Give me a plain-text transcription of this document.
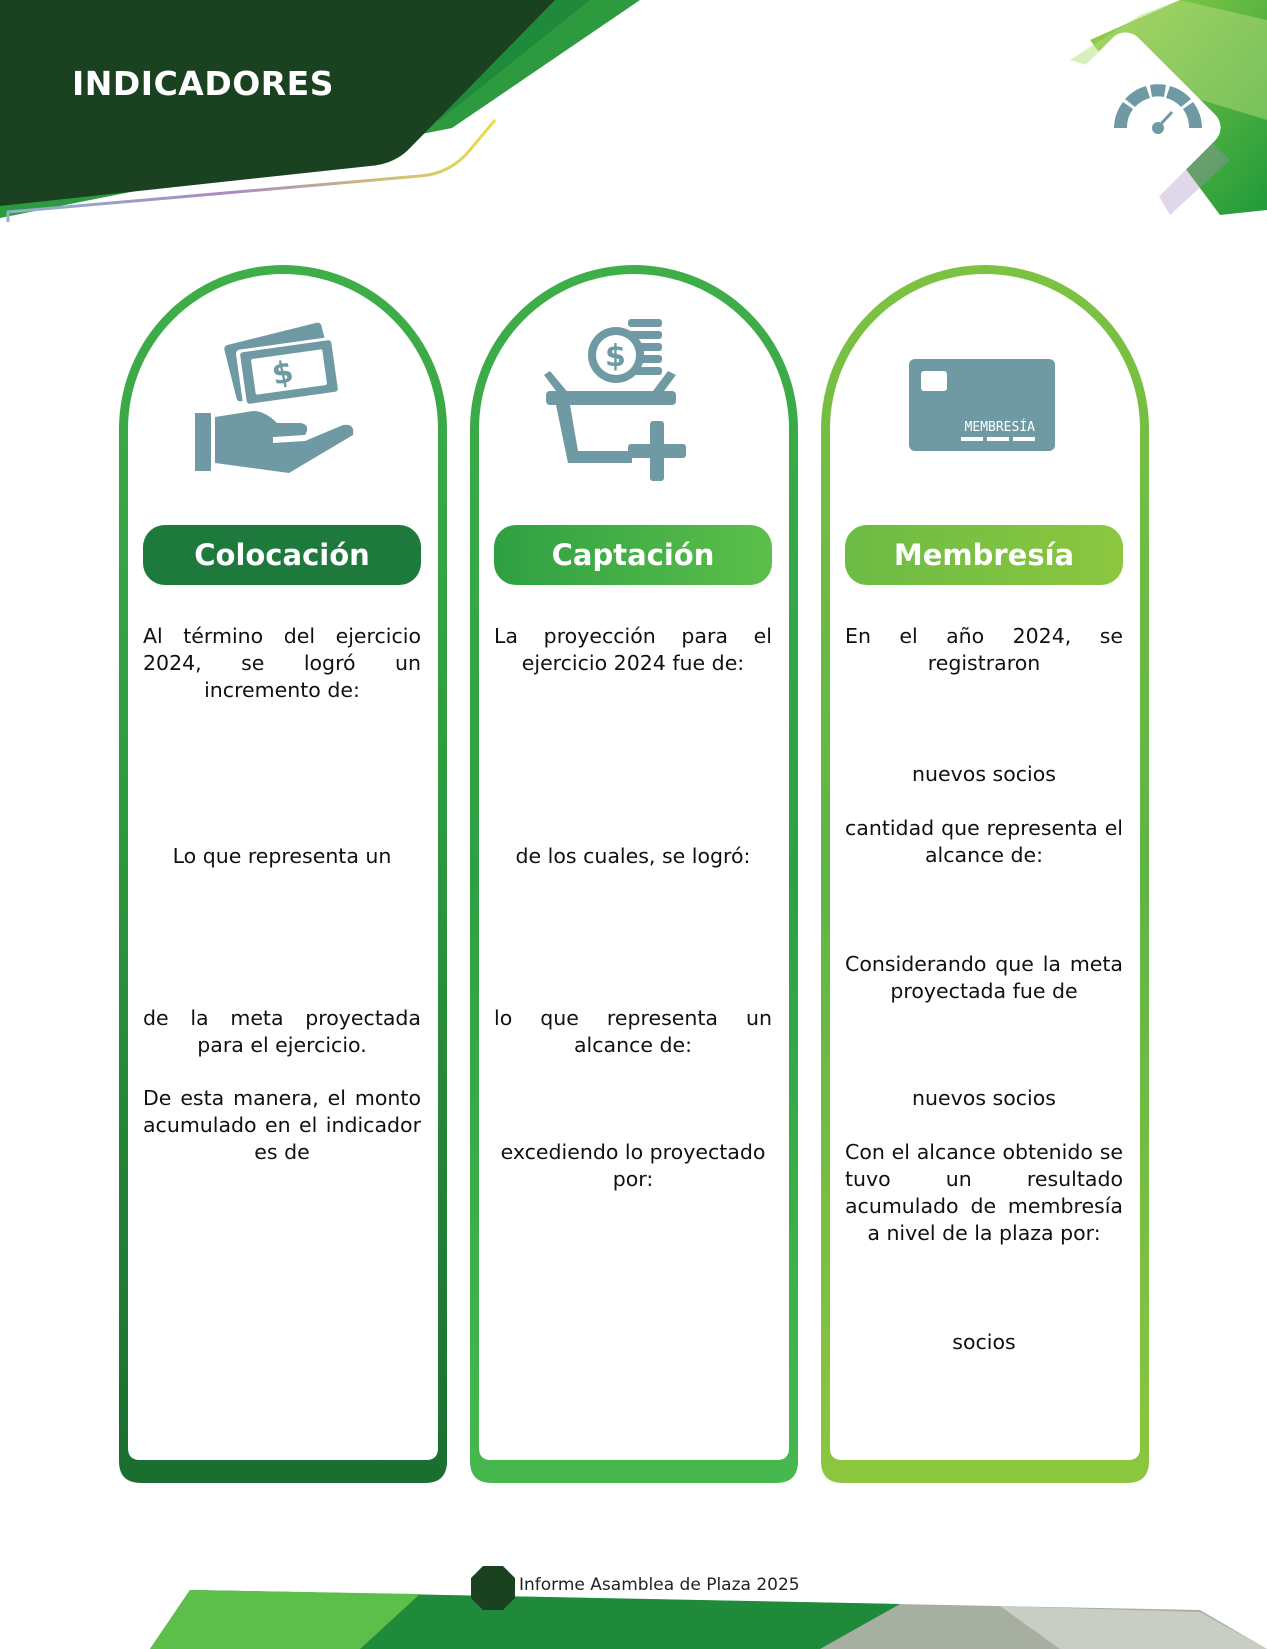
INDICADORES
$
Colocación
Al término del ejercicio 2024, se logró un incremento de:
Lo que representa un
de la meta proyectada para el ejercicio.
De esta manera, el monto acumulado en el indicador es de
$
Captación
La proyección para el ejercicio 2024 fue de:
de los cuales, se logró:
lo que representa un alcance de:
excediendo lo proyectado por:
MEMBRESÍA
Membresía
En el año 2024, se registraron
nuevos socios
cantidad que representa el alcance de:
Considerando que la meta proyectada fue de
nuevos socios
Con el alcance obtenido se tuvo un resultado acumulado de membresía a nivel de la plaza por:
socios
Informe Asamblea de Plaza 2025
